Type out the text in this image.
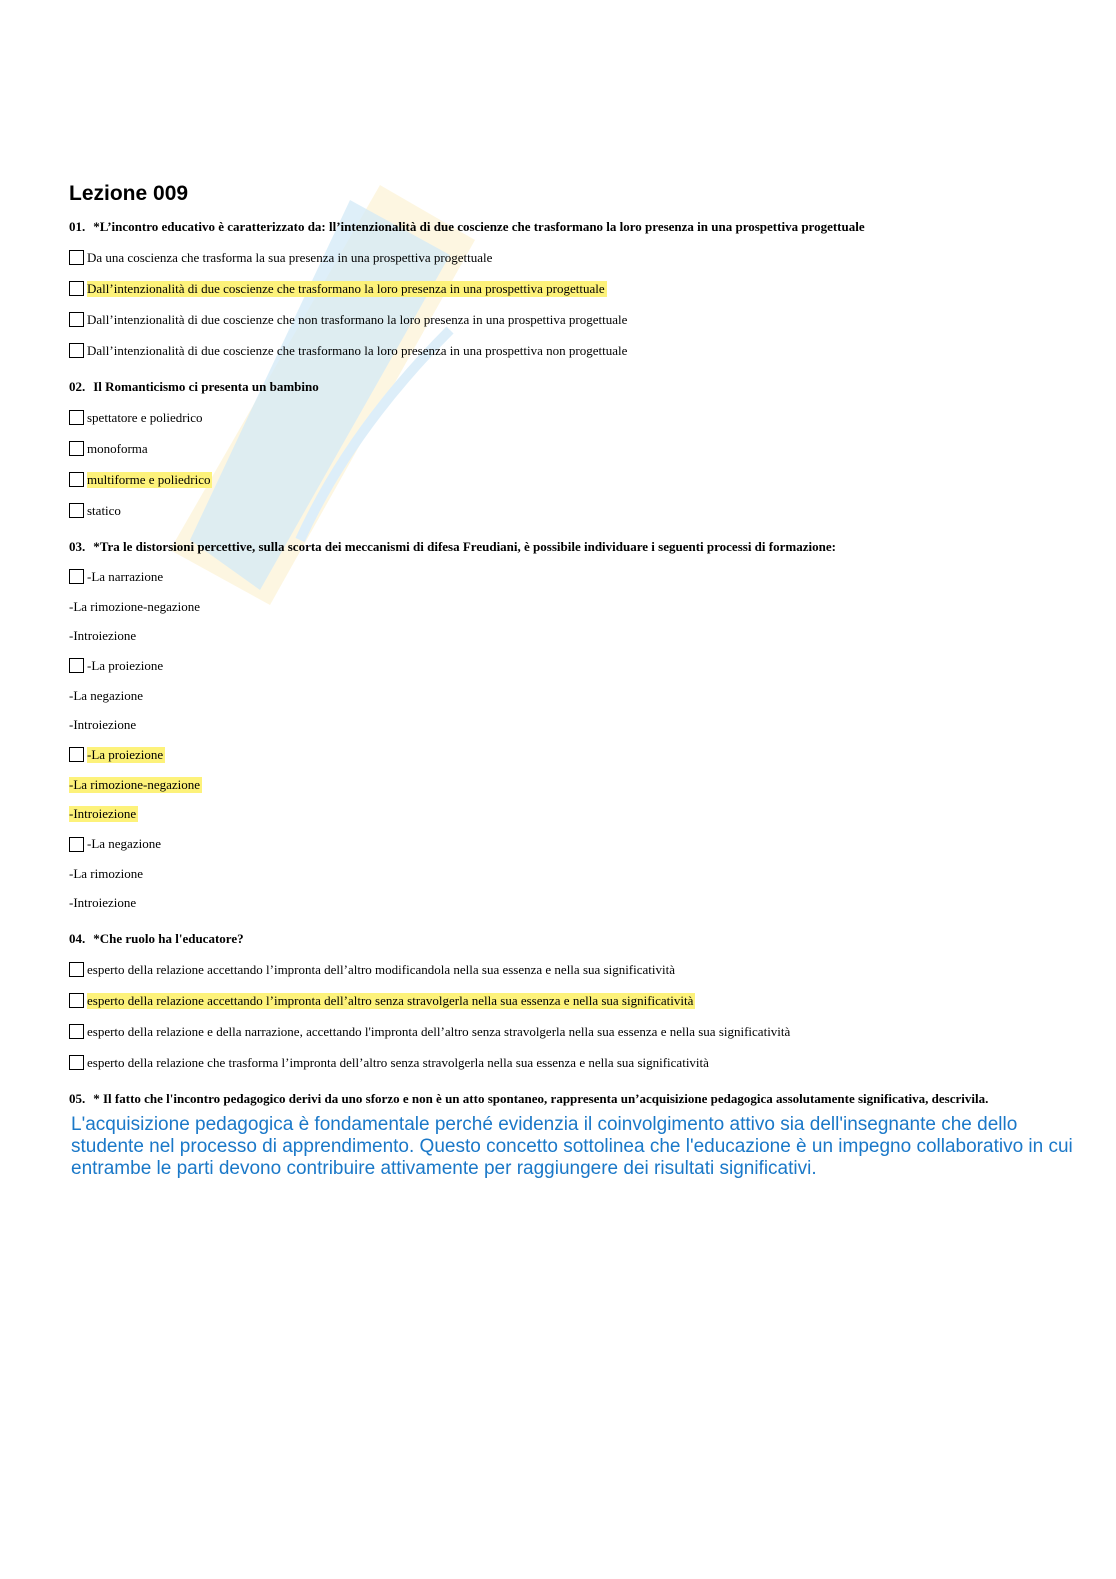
Lezione 009
01. *L’incontro educativo è caratterizzato da: ll’intenzionalità di due coscienze che trasformano la loro presenza in una prospettiva progettuale
Da una coscienza che trasforma la sua presenza in una prospettiva progettuale
Dall’intenzionalità di due coscienze che trasformano la loro presenza in una prospettiva progettuale
Dall’intenzionalità di due coscienze che non trasformano la loro presenza in una prospettiva progettuale
Dall’intenzionalità di due coscienze che trasformano la loro presenza in una prospettiva non progettuale
02. Il Romanticismo ci presenta un bambino
spettatore e poliedrico
monoforma
multiforme e poliedrico
statico
03. *Tra le distorsioni percettive, sulla scorta dei meccanismi di difesa Freudiani, è possibile individuare i seguenti processi di formazione:
-La narrazione
-La rimozione-negazione
-Introiezione
-La proiezione
-La negazione
-Introiezione
-La proiezione
-La rimozione-negazione
-Introiezione
-La negazione
-La rimozione
-Introiezione
04. *Che ruolo ha l'educatore?
esperto della relazione accettando l’impronta dell’altro modificandola nella sua essenza e nella sua significatività
esperto della relazione accettando l’impronta dell’altro senza stravolgerla nella sua essenza e nella sua significatività
esperto della relazione e della narrazione, accettando l'impronta dell’altro senza stravolgerla nella sua essenza e nella sua significatività
esperto della relazione che trasforma l’impronta dell’altro senza stravolgerla nella sua essenza e nella sua significatività
05. * Il fatto che l'incontro pedagogico derivi da uno sforzo e non è un atto spontaneo, rappresenta un’acquisizione pedagogica assolutamente significativa, descrivila.
L'acquisizione pedagogica è fondamentale perché evidenzia il coinvolgimento attivo sia dell'insegnante che dello studente nel processo di apprendimento. Questo concetto sottolinea che l'educazione è un impegno collaborativo in cui entrambe le parti devono contribuire attivamente per raggiungere dei risultati significativi.
